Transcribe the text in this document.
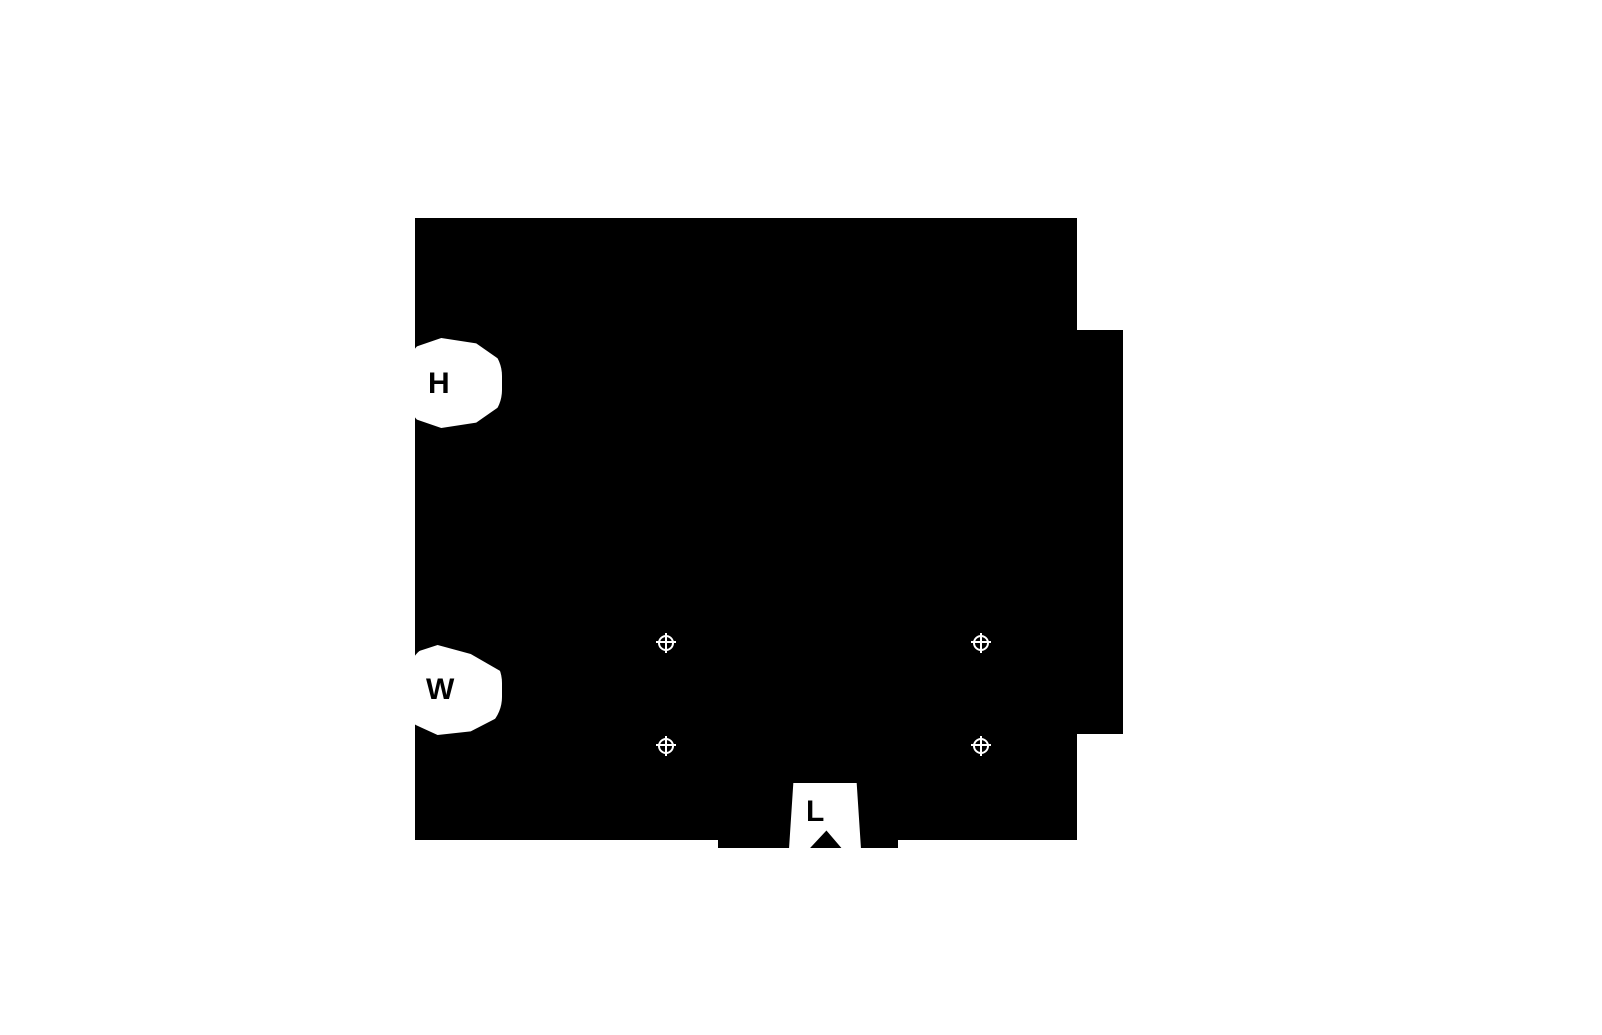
H
W
L
